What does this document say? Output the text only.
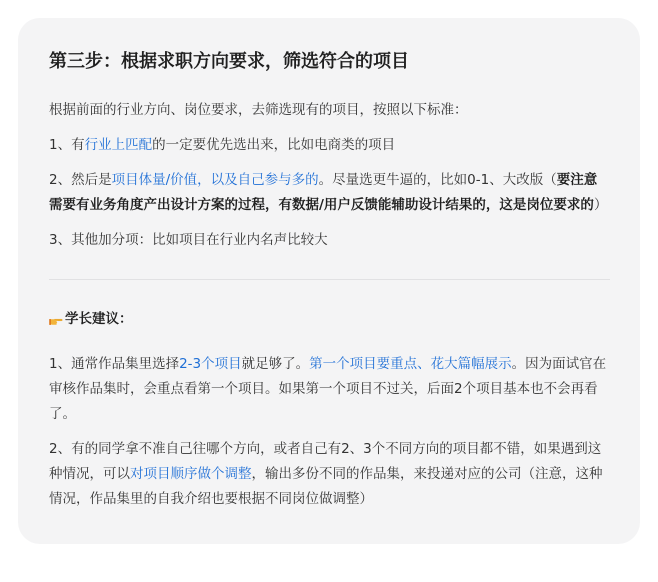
第三步：根据求职方向要求，筛选符合的项目

根据前面的行业方向、岗位要求，去筛选现有的项目，按照以下标准：

1、有行业上匹配的一定要优先选出来，比如电商类的项目

2、然后是项目体量/价值，以及自己参与多的。尽量选更牛逼的，比如0-1、大改版（要注意需要有业务角度产出设计方案的过程，有数据/用户反馈能辅助设计结果的，这是岗位要求的）

3、其他加分项：比如项目在行业内名声比较大

学长建议：

1、通常作品集里选择2-3个项目就足够了。第一个项目要重点、花大篇幅展示。因为面试官在审核作品集时，会重点看第一个项目。如果第一个项目不过关，后面2个项目基本也不会再看了。

2、有的同学拿不准自己往哪个方向，或者自己有2、3个不同方向的项目都不错，如果遇到这种情况，可以对项目顺序做个调整，输出多份不同的作品集，来投递对应的公司（注意，这种情况，作品集里的自我介绍也要根据不同岗位做调整）
